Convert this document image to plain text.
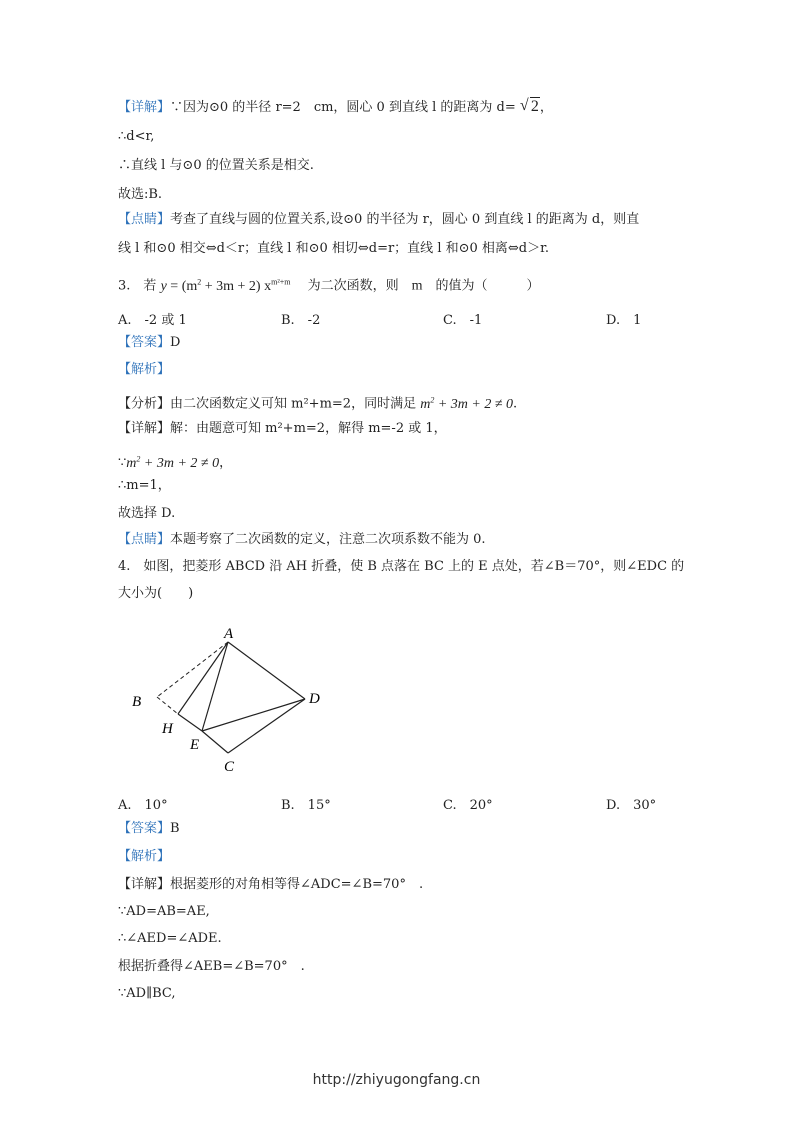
【详解】∵因为⊙0 的半径 r=2　cm，圆心 0 到直线 l 的距离为 d= √ 2，
∴d<r,
∴直线 l 与⊙0 的位置关系是相交.
故选:B.
【点睛】考查了直线与圆的位置关系,设⊙0 的半径为 r，圆心 0 到直线 l 的距离为 d，则直
线 l 和⊙0 相交⇔d＜r；直线 l 和⊙0 相切⇔d=r；直线 l 和⊙0 相离⇔d＞r.
3.　 若 $y = (m^2 + 3m + 2)$ $x^{m^2+m}$ 　 为二次函数，则　 m　 的值为（　　　）
A.　-2 或 1	B.　-2	C.　-1	D.　1
【答案】D
【解析】
【分析】由二次函数定义可知 m²+m=2，同时满足 $m^2 + 3m + 2 \ne 0$.
【详解】解：由题意可知 m²+m=2，解得 m=-2 或 1，
$\because m^2 + 3m + 2 \ne 0$，
∴m=1，
故选择 D.
【点睛】本题考察了二次函数的定义，注意二次项系数不能为 0.
4.　如图，把菱形 ABCD 沿 AH 折叠，使 B 点落在 BC 上的 E 点处，若∠B＝70°，则∠EDC 的
大小为(　　)
A
B
H
E
C
D
A.　10°	B.　15°	C.　20°	D.　30°
【答案】B
【解析】
【详解】根据菱形的对角相等得∠ADC=∠B=70°　.
∵AD=AB=AE,
∴∠AED=∠ADE.
根据折叠得∠AEB=∠B=70°　.
∵AD∥BC,
http://zhiyugongfang.cn
